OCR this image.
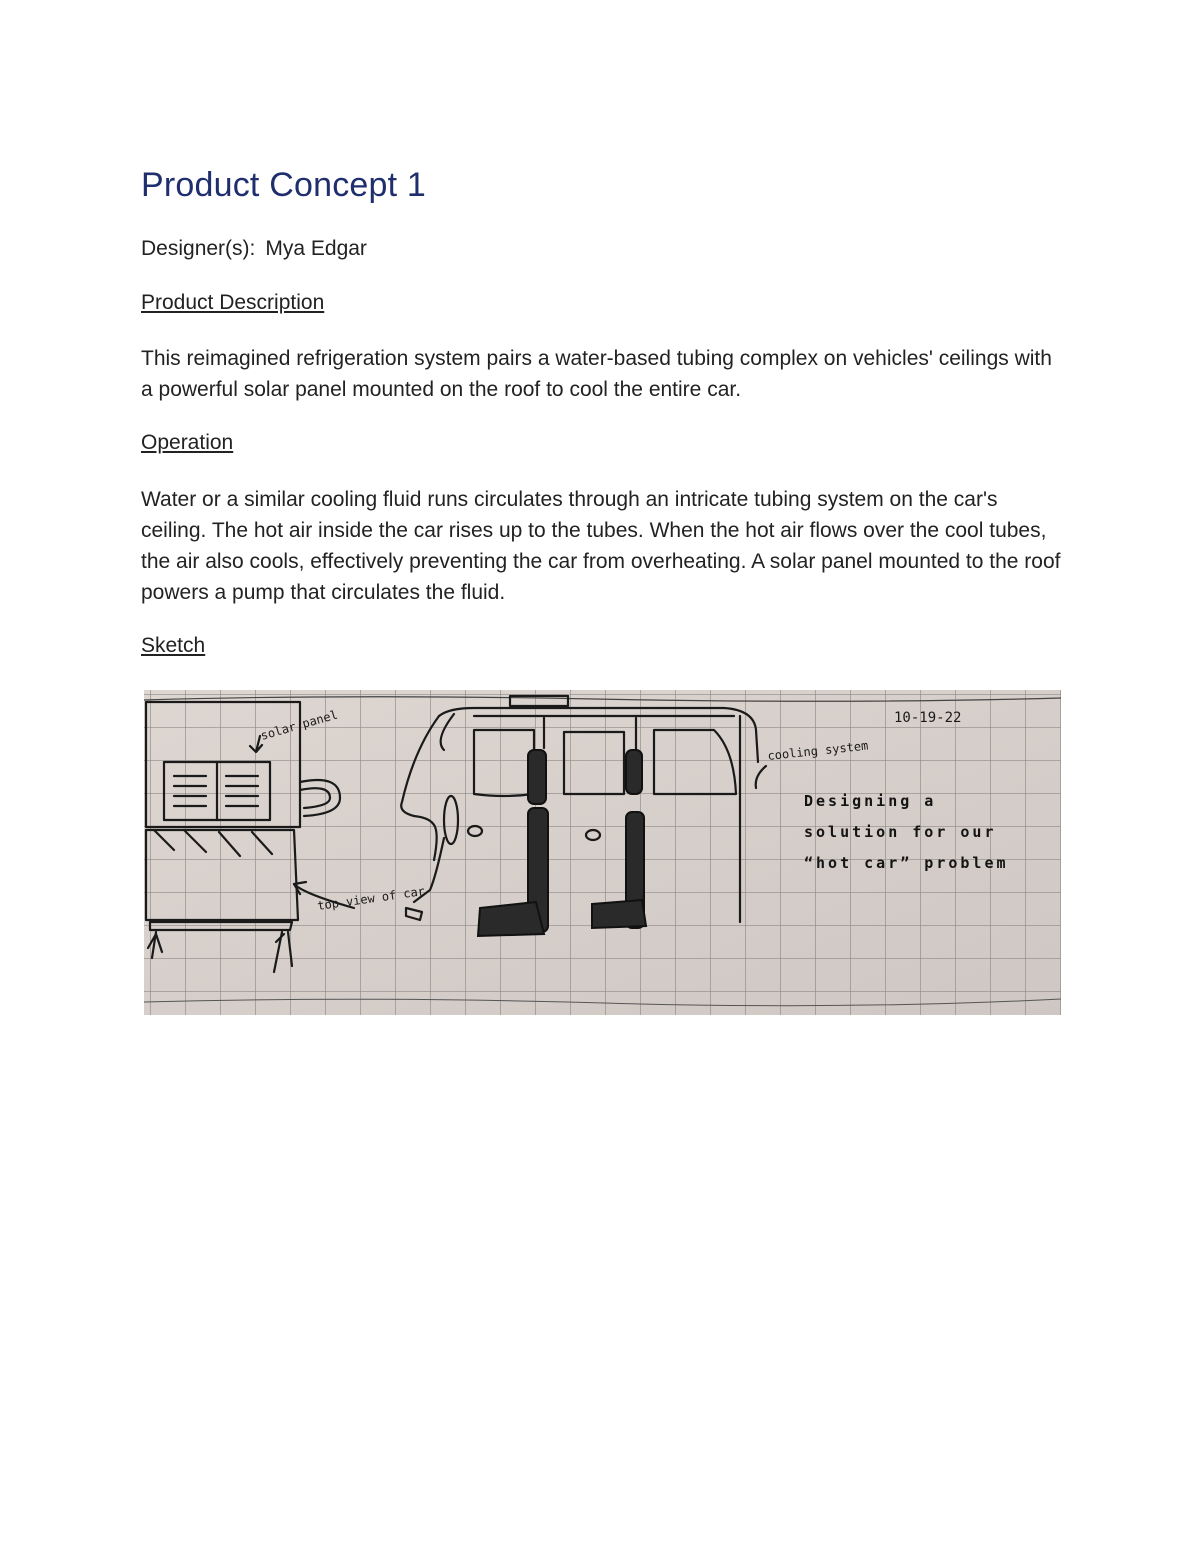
Product Concept 1
Designer(s): Mya Edgar
Product Description

This reimagined refrigeration system pairs a water-based tubing complex on vehicles' ceilings with a powerful solar panel mounted on the roof to cool the entire car.

Operation

Water or a similar cooling fluid runs circulates through an intricate tubing system on the car's ceiling. The hot air inside the car rises up to the tubes. When the hot air flows over the cool tubes, the air also cools, effectively preventing the car from overheating. A solar panel mounted to the roof powers a pump that circulates the fluid.

Sketch
10-19-22
solar panel
cooling system
top view of car
Designing a solution for our “hot car” problem
